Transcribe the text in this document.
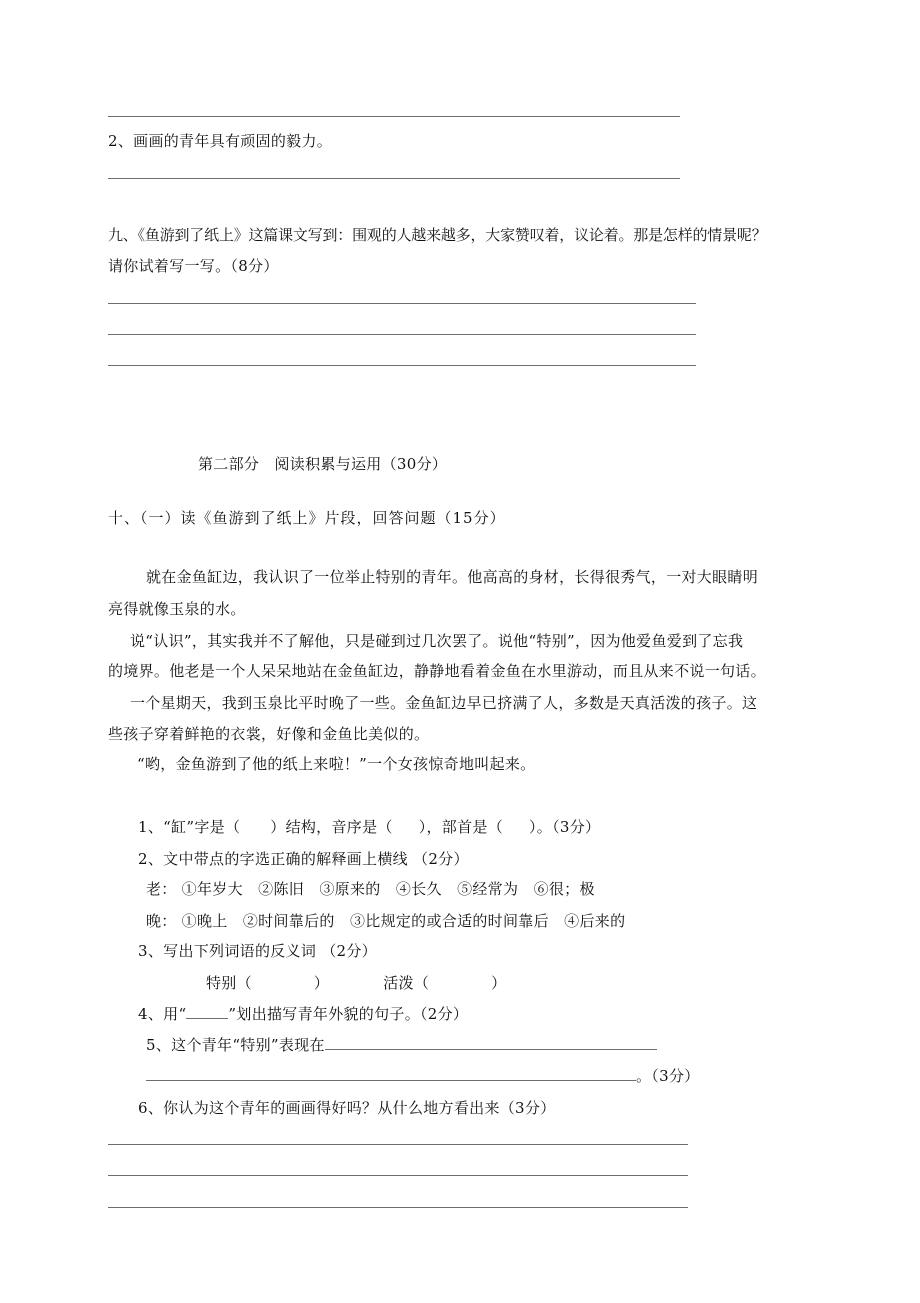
2、画画的青年具有顽固的毅力。
九、《鱼游到了纸上》这篇课文写到：围观的人越来越多，大家赞叹着，议论着。那是怎样的情景呢？
请你试着写一写。（8分）
第二部分　阅读积累与运用（30分）
十、（一）读《鱼游到了纸上》片段，回答问题（15分）
就在金鱼缸边，我认识了一位举止特别的青年。他高高的身材，长得很秀气，一对大眼睛明
亮得就像玉泉的水。
说“认识”，其实我并不了解他，只是碰到过几次罢了。说他“特别”，因为他爱鱼爱到了忘我
的境界。他老是一个人呆呆地站在金鱼缸边，静静地看着金鱼在水里游动，而且从来不说一句话。
一个星期天，我到玉泉比平时晚了一些。金鱼缸边早已挤满了人，多数是天真活泼的孩子。这
些孩子穿着鲜艳的衣裳，好像和金鱼比美似的。
“哟，金鱼游到了他的纸上来啦！”一个女孩惊奇地叫起来。
1、“缸”字是（ ）结构，音序是（ ），部首是（ ）。（3分）
2、文中带点的字选正确的解释画上横线 （2分）
老： ①年岁大　②陈旧　③原来的　④长久　⑤经常为　⑥很；极
晚： ①晚上　②时间靠后的　③比规定的或合适的时间靠后　④后来的
3、写出下列词语的反义词 （2分）
特别（	）	活泼（	）
4、用“	”划出描写青年外貌的句子。（2分）
5、这个青年“特别”表现在
。（3分）
6、你认为这个青年的画画得好吗？从什么地方看出来（3分）
